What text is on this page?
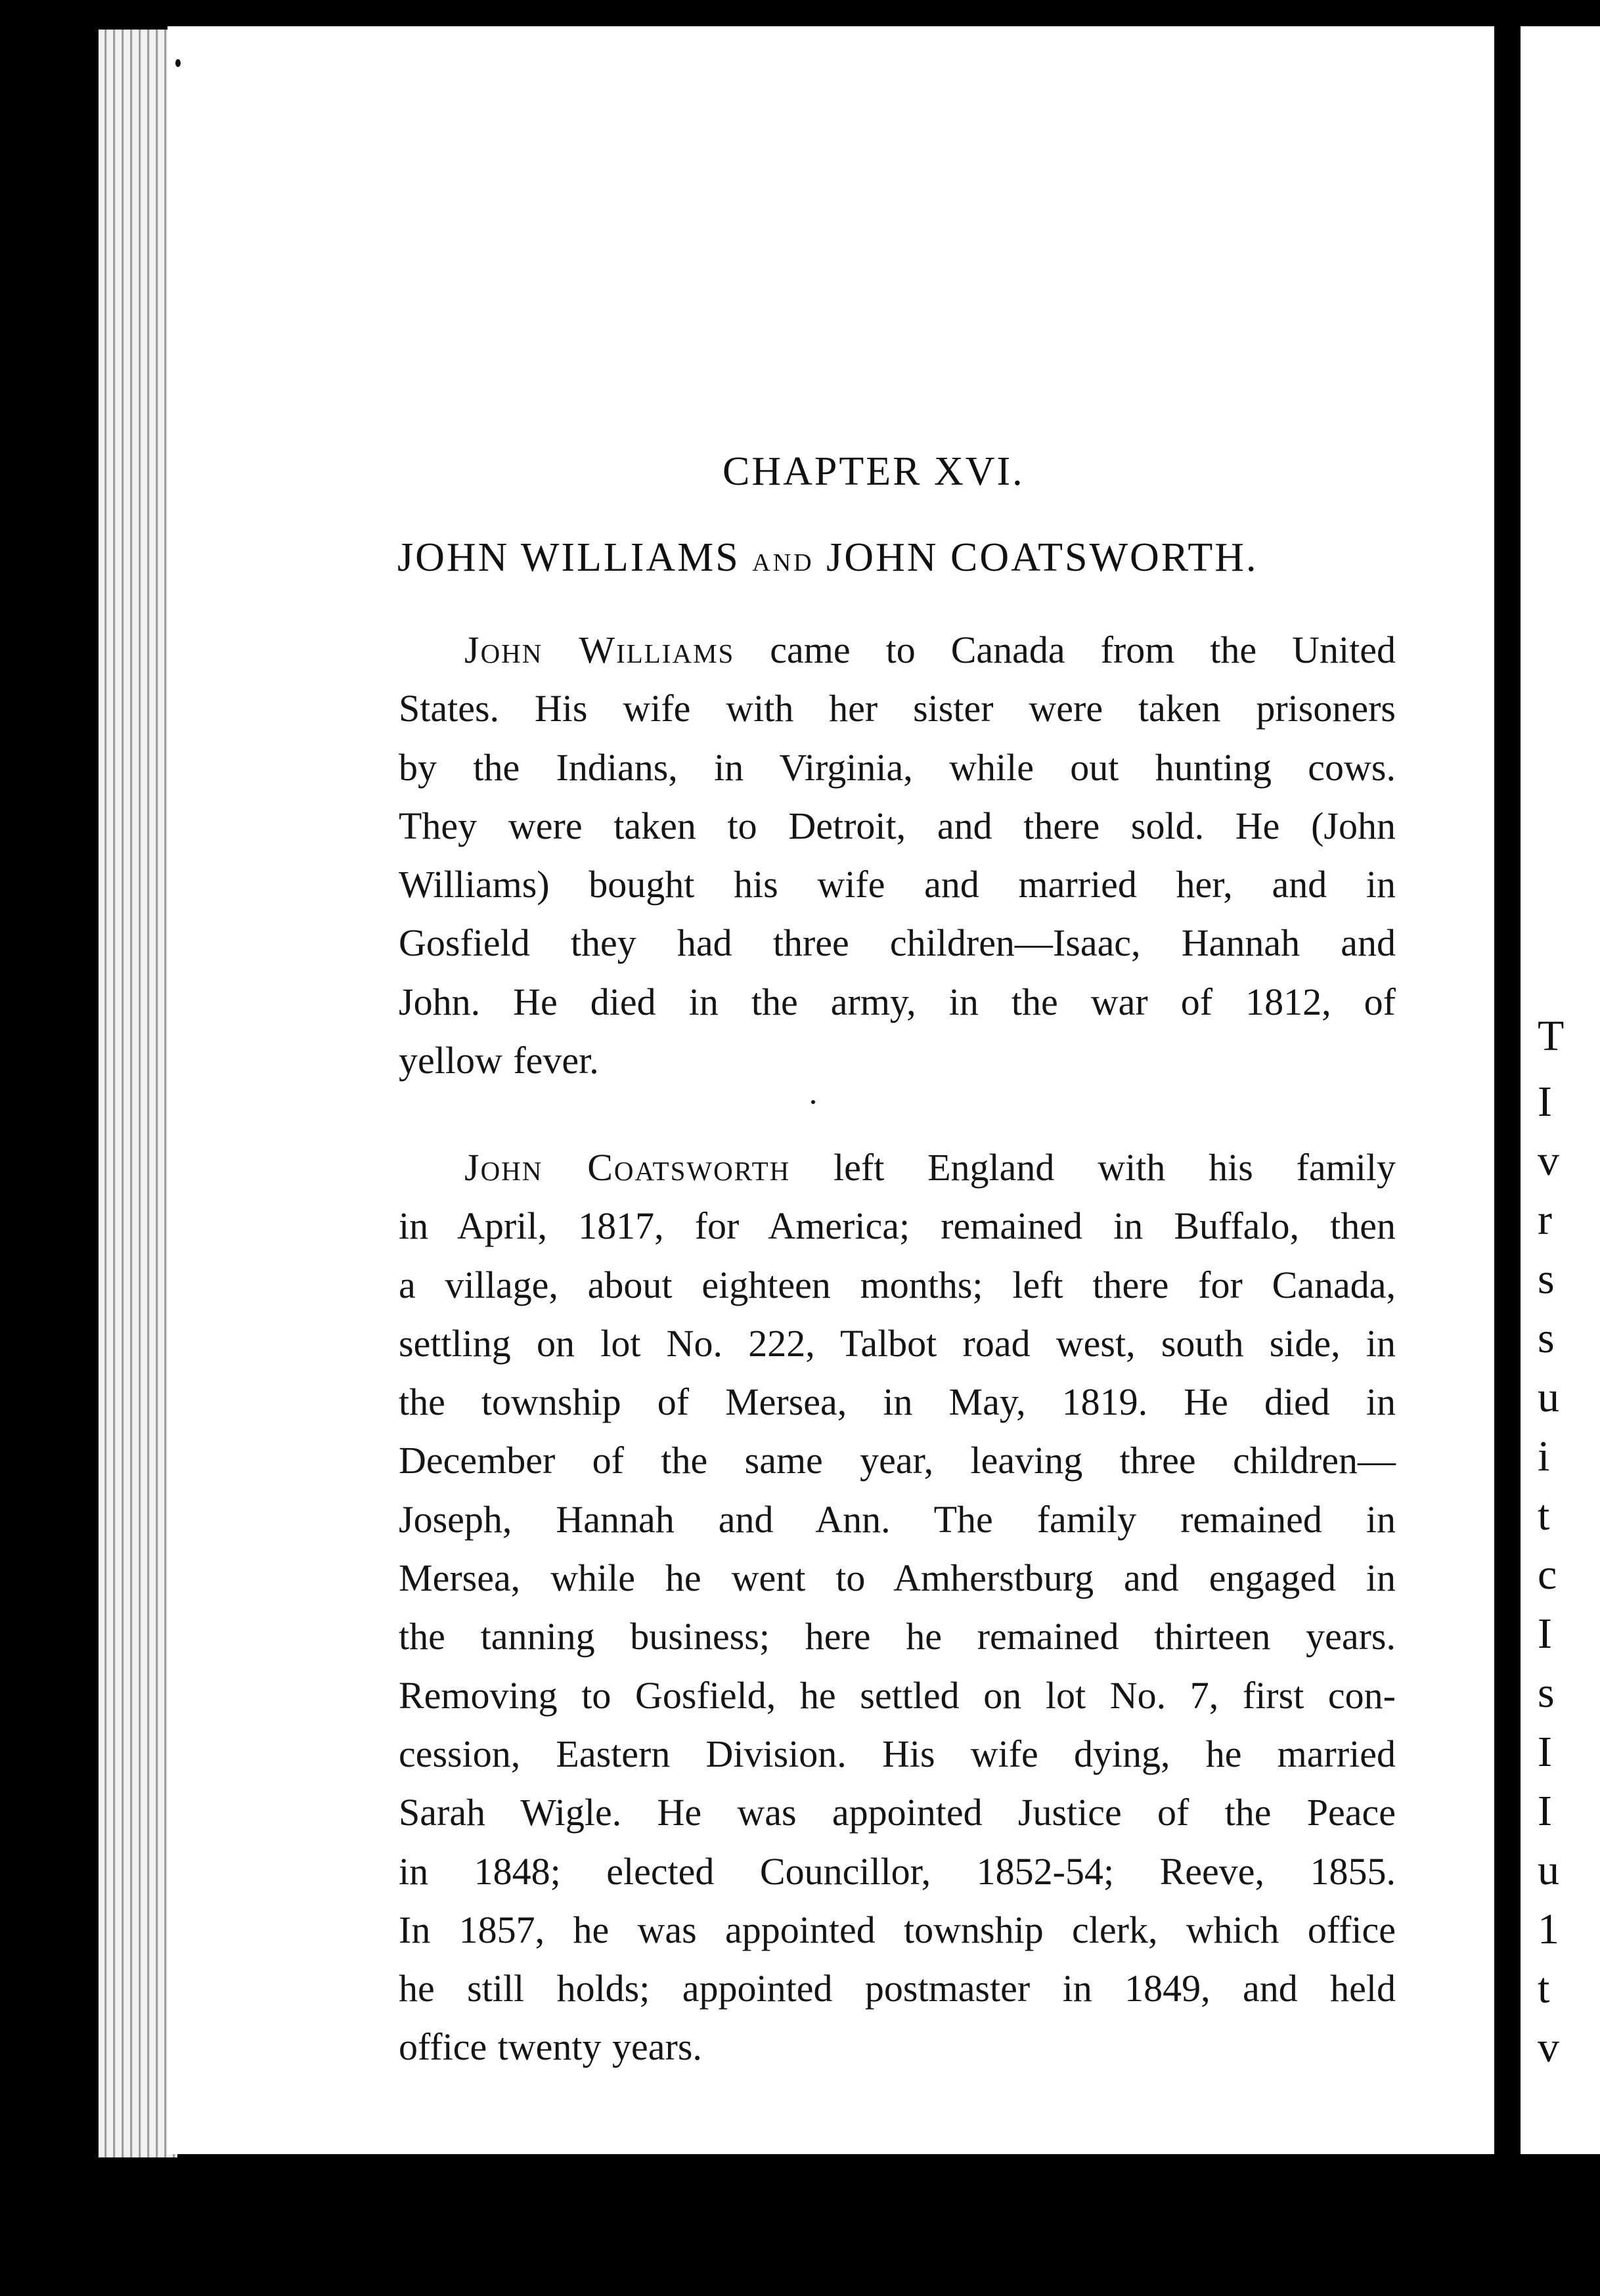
CHAPTER XVI.
JOHN WILLIAMS AND JOHN COATSWORTH.
John Williams came to Canada from the United
States. His wife with her sister were taken prisoners
by the Indians, in Virginia, while out hunting cows.
They were taken to Detroit, and there sold. He (John
Williams) bought his wife and married her, and in
Gosfield they had three children—Isaac, Hannah and
John. He died in the army, in the war of 1812, of
yellow fever.
John Coatsworth left England with his family
in April, 1817, for America; remained in Buffalo, then
a village, about eighteen months; left there for Canada,
settling on lot No. 222, Talbot road west, south side, in
the township of Mersea, in May, 1819. He died in
December of the same year, leaving three children—
Joseph, Hannah and Ann. The family remained in
Mersea, while he went to Amherstburg and engaged in
the tanning business; here he remained thirteen years.
Removing to Gosfield, he settled on lot No. 7, first con-
cession, Eastern Division. His wife dying, he married
Sarah Wigle. He was appointed Justice of the Peace
in 1848; elected Councillor, 1852-54; Reeve, 1855.
In 1857, he was appointed township clerk, which office
he still holds; appointed postmaster in 1849, and held
office twenty years.
T
I
v
r
s
s
u
i
t
c
I
s
I
I
u
1
t
v
